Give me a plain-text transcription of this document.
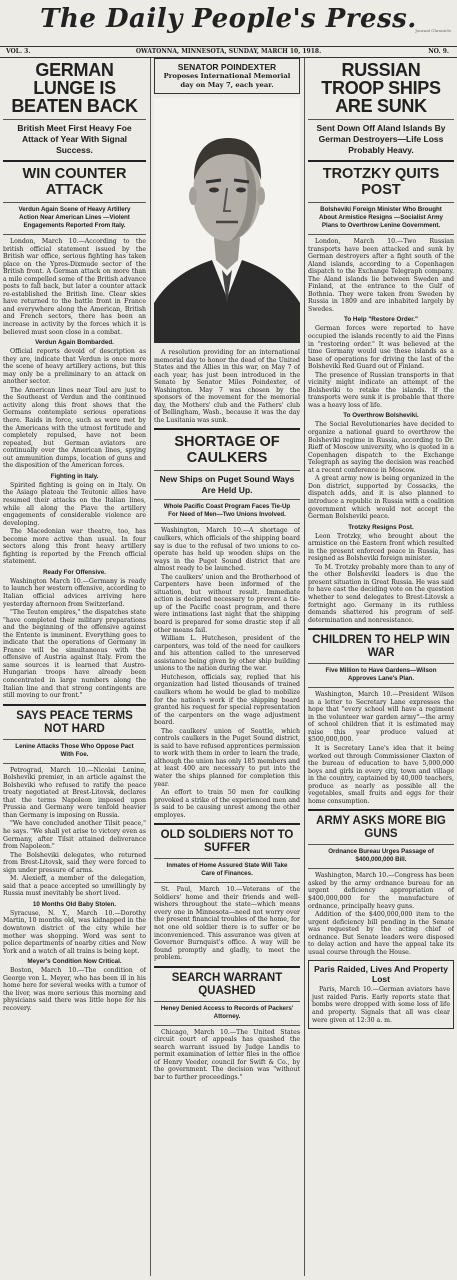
The Daily People's Press.
Journal Chronicle
VOL. 3.	OWATONNA, MINNESOTA, SUNDAY, MARCH 10, 1918.	NO. 9.
GERMAN LUNGE IS BEATEN BACK
British Meet First Heavy Foe Attack of Year With Signal Success.
WIN COUNTER ATTACK
Verdun Again Scene of Heavy Artillery Action Near American Lines —Violent Engagements Reported From Italy.

London, March 10.—According to the british official statement issued by the British war office, serious fighting has taken place on the Ypres-Dixmude sector of the British front. A German attack on more than a mile compelled some of the British advance posts to fall back, but later a counter attack re-established the British line. Clear skies have returned to the battle front in France and everywhere along the American, British and French sectors, there has been an increase in activity by the forces which it is believed must soon close in a combat.

Verdun Again Bombarded.

Official reports devoid of description as they are, indicate that Verdun is once more the scene of heavy artillery actions, but this may only be a preliminary to an attack on another sector.

The American lines near Toul are just to the Southeast of Verdun and the continued activity along this front shows that the Germans contemplate serious operations there. Raids in force, such as were met by the Americans with the utmost fortitude and completely repulsed, have not been repeated, but German aviators are continually over the American lines, spying out ammunition dumps, location of guns and the disposition of the American forces.

Fighting in Italy.

Spirited fighting is going on in Italy. On the Asiago plateau the Teutonic allies have resumed their attacks on the Italian lines, while all along the Piave the artillery engagements of considerable violence are developing.

The Macedonian war theatre, too, has become more active than usual. In four sectors along this front heavy artillery fighting is reported by the French official statement.

Ready For Offensive.

Washington March 10.—Germany is ready to launch her western offensive, according to Italian official advices arriving here yesterday afternoon from Switzerland.

"The Teuton empires," the dispatches state "have completed their military preparations and the beginning of the offensive against the Entente is imminent. Everything goes to indicate that the operations of Germany in France will be simultaneous with the offensive of Austria against Italy. From the same sources it is learned that Austro-Hungarian troops have already been concentrated in large numbers along the Italian line and that strong contingents are still moving to our front."

SAYS PEACE TERMS NOT HARD
Lenine Attacks Those Who Oppose Pact With Foe.

Petrograd, March 10.—Nicolai Lenine, Bolsheviki premier, in an article against the Bolsheviki who refused to ratify the peace treaty negotiated at Brest-Litovsk, declares that the terms Napoleon imposed upon Prussia and Germany were tenfold heavier than Germany is imposing on Russia.

"We have concluded another Tilsit peace," he says. "We shall yet arise to victory even as Germany, after Tilsit attained deliverance from Napoleon."

The Bolsheviki delegates, who returned from Brest-Litovsk, said they were forced to sign under pressure of arms.

M. Alexieff, a member of the delegation, said that a peace accepted so unwillingly by Russia must inevitably be short lived.

10 Months Old Baby Stolen.

Syracuse, N. Y., March 10.—Dorothy Martin, 10 months old, was kidnapped in the downtown district of the city while her mother was shopping. Word was sent to police departments of nearby cities and New York and a watch of all trains is being kept.

Meyer's Condition Now Critical.

Boston, March 10.—The condition of George von L. Meyer, who has been ill in his home here for several weeks with a tumor of the liver, was more serious this morning and physicians said there was little hope for his recovery.

SENATOR POINDEXTER
Proposes International Memorial day on May 7, each year.

A resolution providing for an international memorial day to honor the dead of the United States and the Allies in this war, on May 7 of each year, has just been introduced in the Senate by Senator Miles Poindexter, of Washington. May 7 was chosen by the sponsors of the movement for the memorial day, the Mothers' club and the Fathers' club of Bellingham, Wash., because it was the day the Lusitania was sunk.

SHORTAGE OF CAULKERS
New Ships on Puget Sound Ways Are Held Up.
Whole Pacific Coast Program Faces Tie-Up For Need of Men—Two Unions Involved.

Washington, March 10.—A shortage of caulkers, which officials of the shipping board say is due to the refusal of two unions to co-operate has held up wooden ships on the ways in the Puget Sound district that are almost ready to be launched.

The caulkers' union and the Brotherhood of Carpenters have been informed of the situation, but without result. Immediate action is declared necessary to prevent a tie-up of the Pacific coast program, and there were intimations last night that the shipping board is prepared for some drastic step if all other means fail.

William L. Hutcheson, president of the carpenters, was told of the need for caulkers and his attention called to the unreserved assistance being given by other ship building unions to the nation during the war.

Hutcheson, officials say, replied that his organization had listed thousands of trained caulkers whom he would be glad to mobilize for the nation's work if the shipping board granted his request for special representation of the carpenters on the wage adjustment board.

The caulkers' union of Seattle, which controls caulkers in the Puget Sound district, is said to have refused apprentices permission to work with them in order to learn the trade, although the union has only 185 members and at least 400 are necessary to put into the water the ships planned for completion this year.

An effort to train 50 men for caulking provoked a strike of the experienced men and is said to be causing unrest among the other employes.

OLD SOLDIERS NOT TO SUFFER
Inmates of Home Assured State Will Take Care of Finances.

St. Paul, March 10.—Veterans of the Soldiers' home and their friends and well-wishers throughout the state—which means every one in Minnesota—need not worry over the present financial troubles of the home, for not one old soldier there is to suffer or be inconvenienced. This assurance was given at Governor Burnquist's office. A way will be found promptly and gladly, to meet the problem.

SEARCH WARRANT QUASHED
Heney Denied Access to Records of Packers' Attorney.

Chicago, March 10.—The United States circuit court of appeals has quashed the search warrant issued by Judge Landis to permit examination of letter files in the office of Henry Veeder, council for Swift & Co., by the government. The decision was "without bar to further proceedings."

RUSSIAN TROOP SHIPS ARE SUNK
Sent Down Off Aland Islands By German Destroyers—Life Loss Probably Heavy.
TROTZKY QUITS POST
Bolsheviki Foreign Minister Who Brought About Armistice Resigns —Socialist Army Plans to Overthrow Lenine Government.

London, March 10.—Two Russian transports have been attacked and sunk by German destroyers after a fight south of the Aland islands, according to a Copenhagen dispatch to the Exchange Telegraph company. The Aland islands lie between Sweden and Finland, at the entrance to the Gulf of Bothnia. They were taken from Sweden by Russia in 1809 and are inhabited largely by Swedes.

To Help "Restore Order."

German forces were reported to have occupied the islands recently to aid the Finns in "restoring order." It was believed at the time Germany would use these islands as a base of operations for driving the last of the Bolsheviki Red Guard out of Finland.

The presence of Russian transports in that vicinity might indicate an attempt of the Bolsheviki to retake the islands. If the transports were sunk it is probable that there was a heavy loss of life.

To Overthrow Bolsheviki.

The Social Revolutionaries have decided to organize a national guard to overthrow the Bolsheviki regime in Russia, according to Dr. Rieff of Moscow university, who is quoted in a Copenhagen dispatch to the Exchange Telegraph as saying the decision was reached at a recent conference in Moscow.

A great army now is being organized in the Don district, supported by Cossacks, the dispatch adds, and it is also planned to introduce a republic in Russia with a coalition government which would not accept the German Bolsheviki peace.

Trotzky Resigns Post.

Leon Trotzky, who brought about the armistice on the Eastern front which resulted in the present enforced peace in Russia, has resigned as Bolsheviki foreign minister.

To M. Trotzky probably more than to any of the other Bolsheviki leaders is due the present situation in Great Russia. He was said to have cast the deciding vote on the question whether to send delegates to Brest-Litovsk a fortnight ago. Germany in its ruthless demands shattered his program of self-determination and nonresistance.

CHILDREN TO HELP WIN WAR
Five Million to Have Gardens—Wilson Approves Lane's Plan.

Washington, March 10.—President Wilson in a letter to Secretary Lane expresses the hope that "every school will have a regiment in the volunteer war garden army"—the army of school children that it is estimated may raise this year produce valued at $500,000,000.

It is Secretary Lane's idea that it being worked out through Commissioner Claxton of the bureau of education to have 5,000,000 boys and girls in every city, town and village in the country, captained by 40,000 teachers, produce as nearly as possible all the vegetables, small fruits and eggs for their home consumption.

ARMY ASKS MORE BIG GUNS
Ordnance Bureau Urges Passage of $400,000,000 Bill.

Washington, March 10.—Congress has been asked by the army ordnance bureau for an urgent deficiency appropriation of $400,000,000 for the manufacture of ordnance, principally heavy guns.

Addition of the $400,000,000 item to the urgent deficiency bill pending in the Senate was requested by the acting chief of ordnance. But Senate leaders were disposed to delay action and have the appeal take its usual course through the House.

Paris Raided, Lives And Property Lost

Paris, March 10.—German aviators have just raided Paris. Early reports state that bombs were dropped with some loss of life and property. Signals that all was clear were given at 12:30 a. m.
